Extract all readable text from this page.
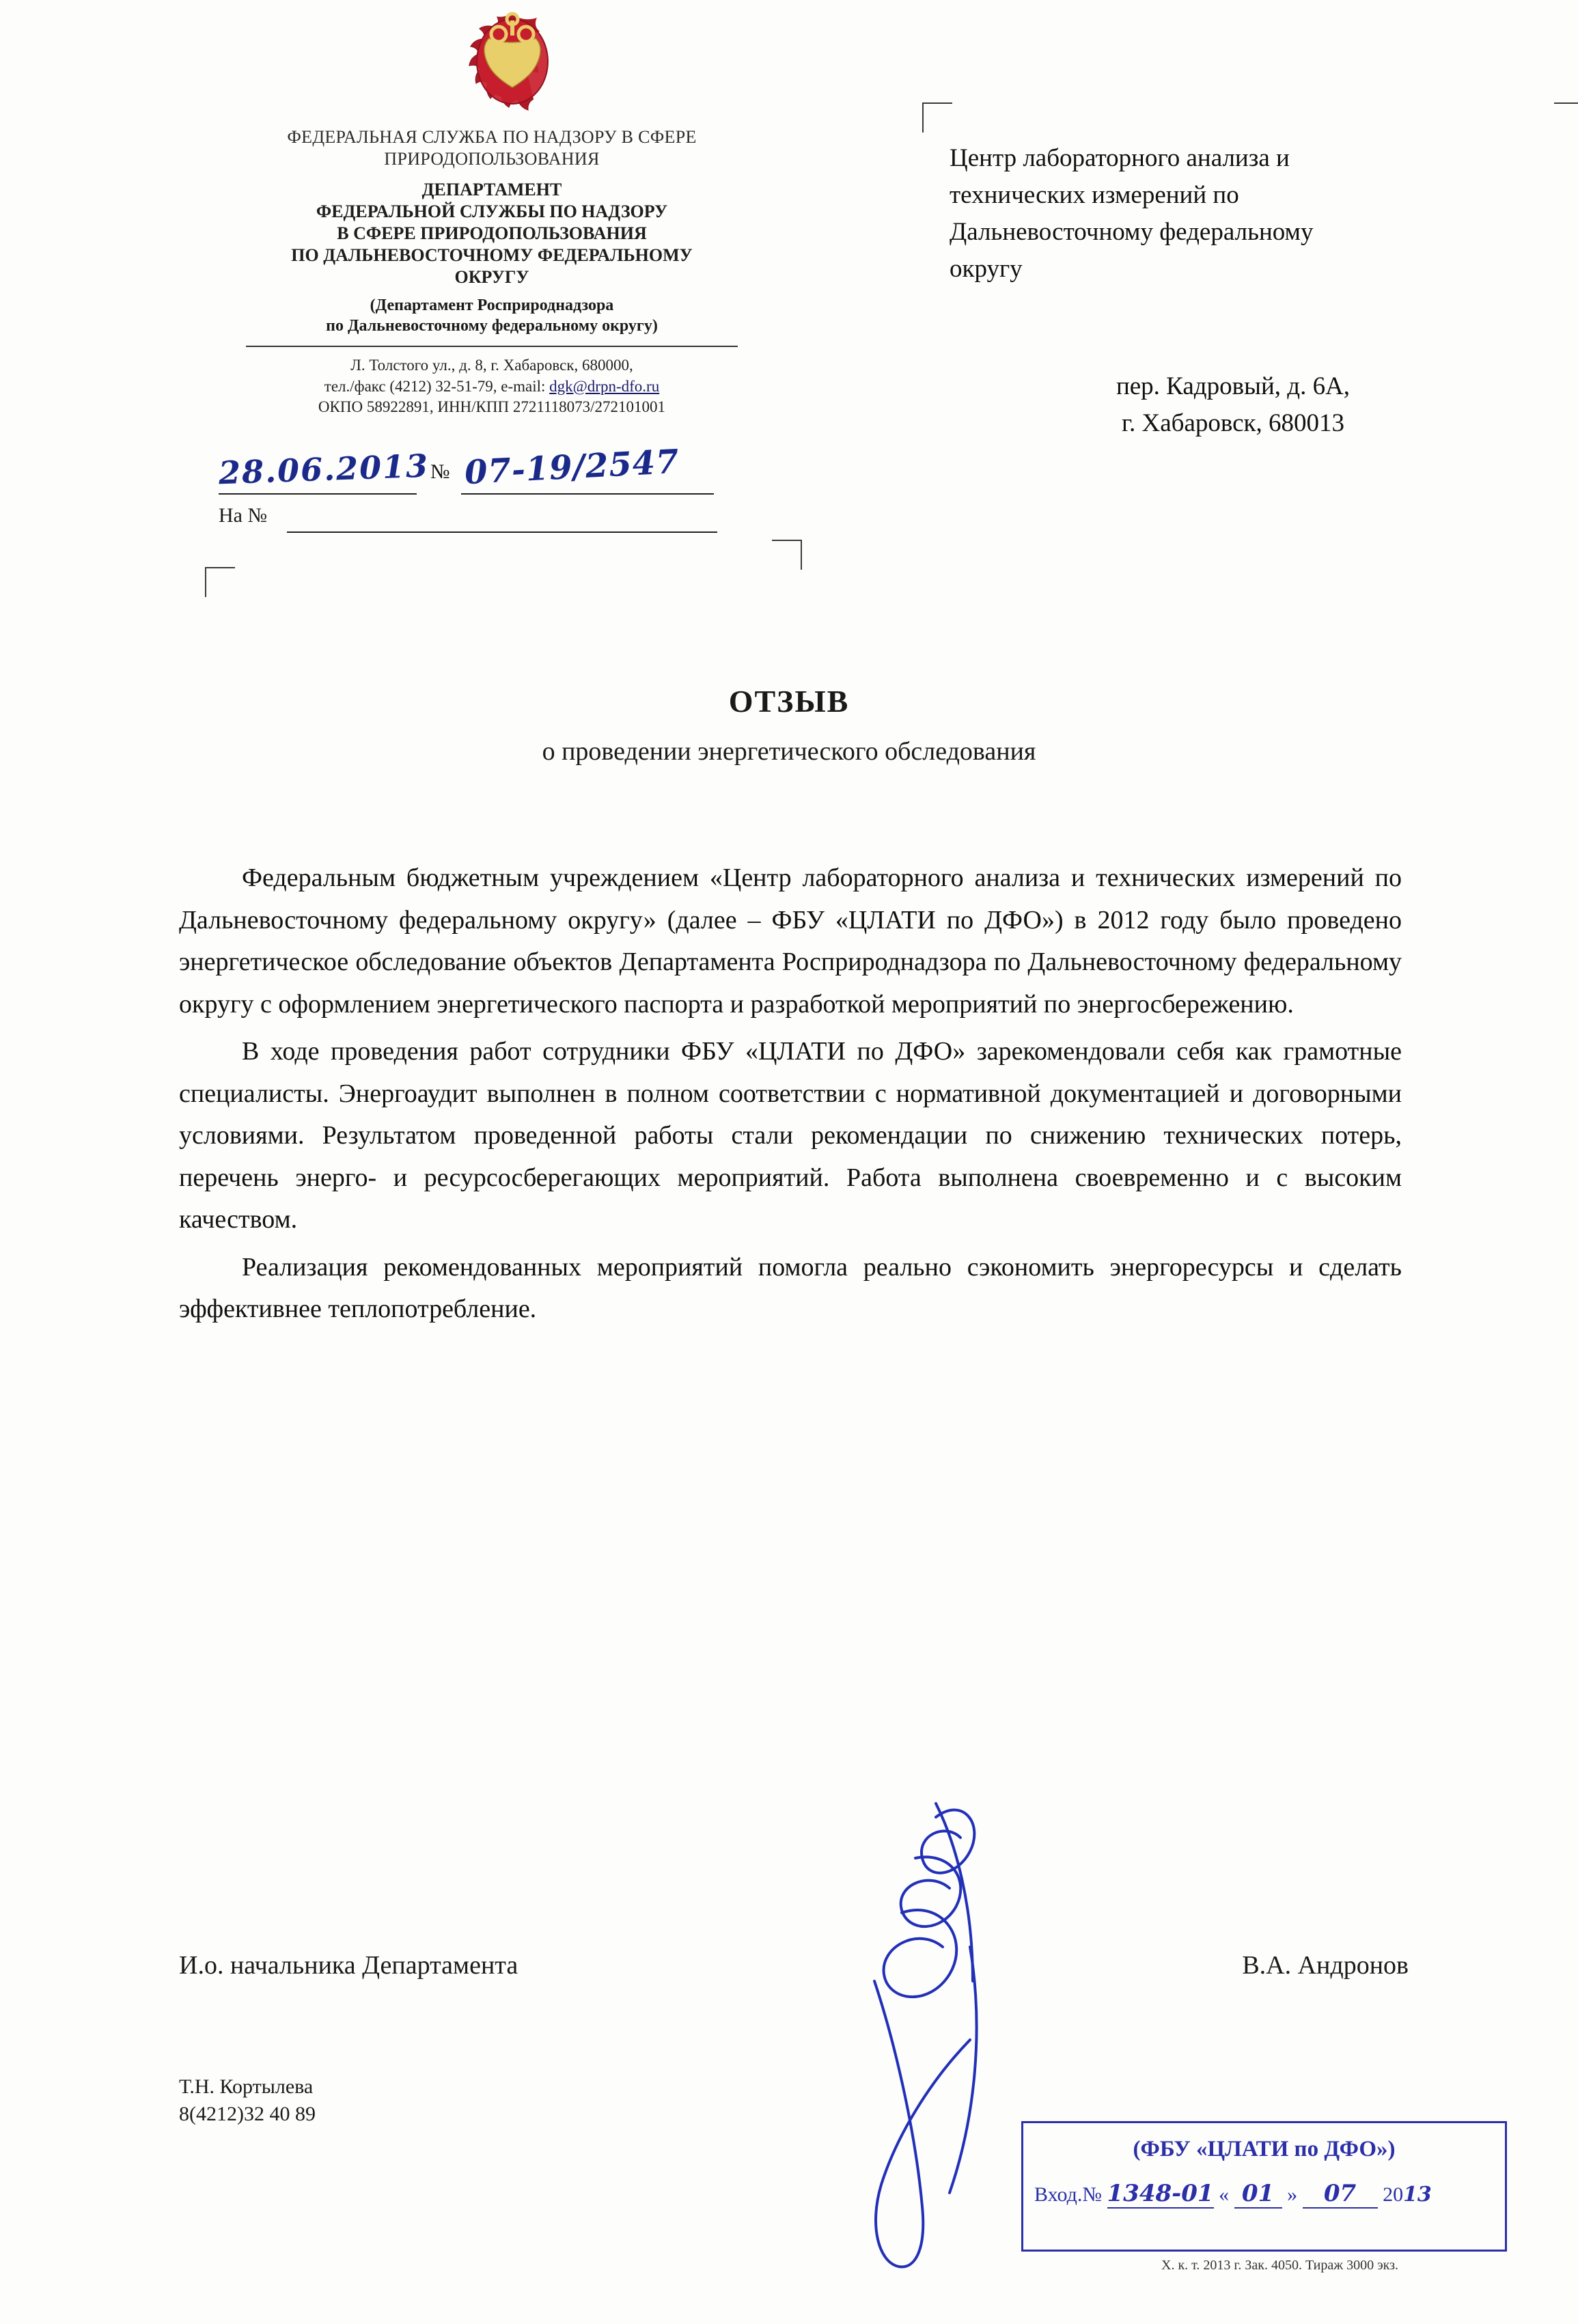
ФЕДЕРАЛЬНАЯ СЛУЖБА ПО НАДЗОРУ В СФЕРЕ ПРИРОДОПОЛЬЗОВАНИЯ
ДЕПАРТАМЕНТ
ФЕДЕРАЛЬНОЙ СЛУЖБЫ ПО НАДЗОРУ
В СФЕРЕ ПРИРОДОПОЛЬЗОВАНИЯ
ПО ДАЛЬНЕВОСТОЧНОМУ ФЕДЕРАЛЬНОМУ
ОКРУГУ
(Департамент Росприроднадзора
по Дальневосточному федеральному округу)
Л. Толстого ул., д. 8, г. Хабаровск, 680000,
тел./факс (4212) 32-51-79, e-mail: dgk@drpn-dfo.ru
ОКПО 58922891, ИНН/КПП 2721118073/272101001
28.06.2013 № 07-19/2547
На №
Центр лабораторного анализа и
технических измерений по
Дальневосточному федеральному
округу
пер. Кадровый, д. 6А,
г. Хабаровск, 680013
ОТЗЫВ
о проведении энергетического обследования

Федеральным бюджетным учреждением «Центр лабораторного анализа и технических измерений по Дальневосточному федеральному округу» (далее – ФБУ «ЦЛАТИ по ДФО») в 2012 году было проведено энергетическое обследование объектов Департамента Росприроднадзора по Дальневосточному федеральному округу с оформлением энергетического паспорта и разработкой мероприятий по энергосбережению.

В ходе проведения работ сотрудники ФБУ «ЦЛАТИ по ДФО» зарекомендовали себя как грамотные специалисты. Энергоаудит выполнен в полном соответствии с нормативной документацией и договорными условиями. Результатом проведенной работы стали рекомендации по снижению технических потерь, перечень энерго- и ресурсосберегающих мероприятий. Работа выполнена своевременно и с высоким качеством.

Реализация рекомендованных мероприятий помогла реально сэкономить энергоресурсы и сделать эффективнее теплопотребление.

И.о. начальника Департамента	В.А. Андронов
Т.Н. Кортылева
8(4212)32 40 89
(ФБУ «ЦЛАТИ по ДФО»)
Вход.№ 1348-01 « 01 » 07 2013
Х. к. т. 2013 г. Зак. 4050. Тираж 3000 экз.
